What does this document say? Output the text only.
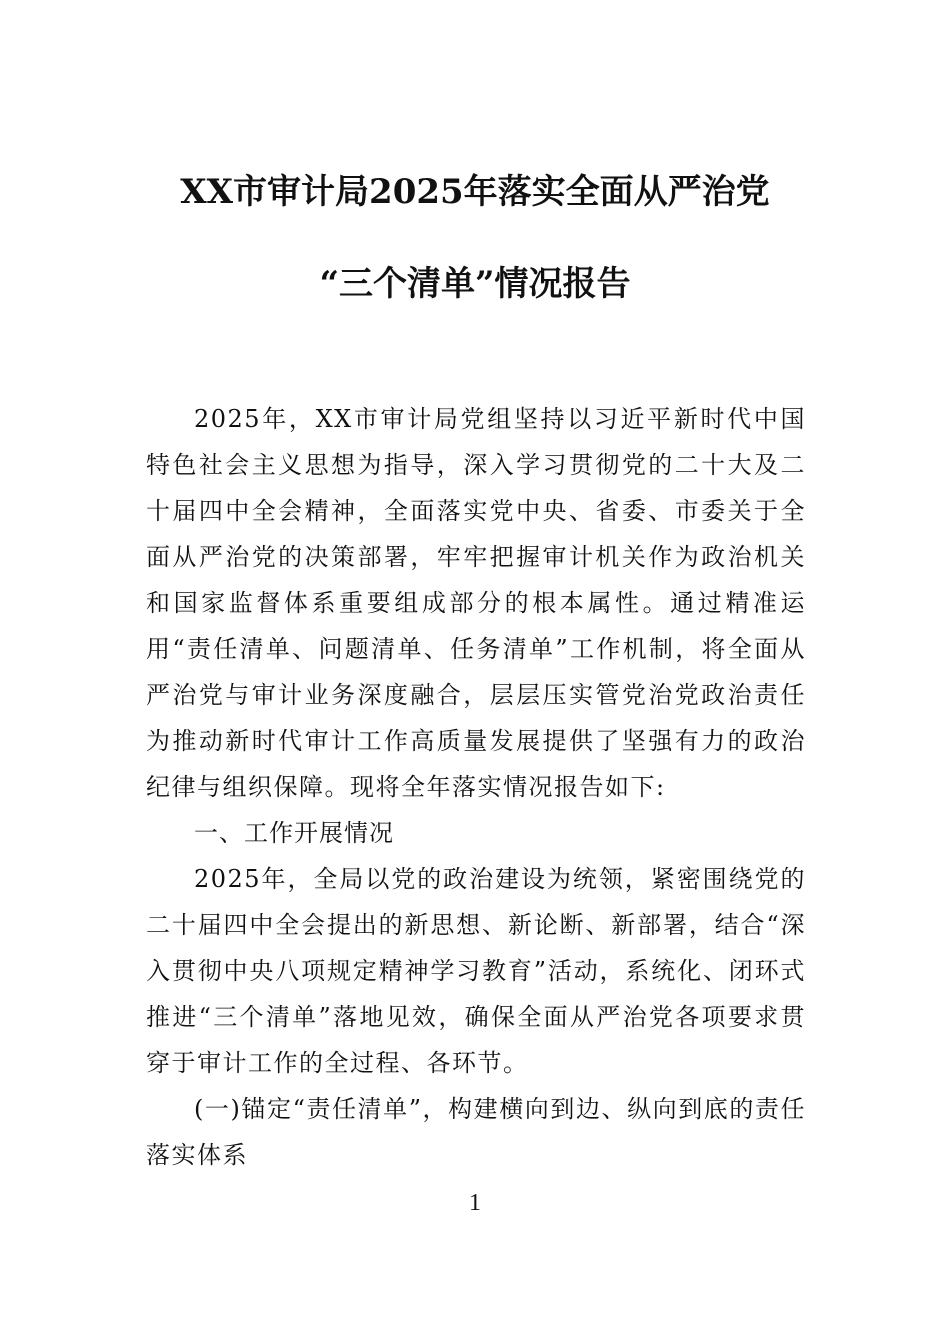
XX市审计局2025年落实全面从严治党
“三个清单”情况报告

2025年，XX市审计局党组坚持以习近平新时代中国特色社会主义思想为指导，深入学习贯彻党的二十大及二十届四中全会精神，全面落实党中央、省委、市委关于全面从严治党的决策部署，牢牢把握审计机关作为政治机关和国家监督体系重要组成部分的根本属性。通过精准运用“责任清单、问题清单、任务清单”工作机制，将全面从严治党与审计业务深度融合，层层压实管党治党政治责任为推动新时代审计工作高质量发展提供了坚强有力的政治纪律与组织保障。现将全年落实情况报告如下:

一、工作开展情况

2025年，全局以党的政治建设为统领，紧密围绕党的二十届四中全会提出的新思想、新论断、新部署，结合“深入贯彻中央八项规定精神学习教育”活动，系统化、闭环式推进“三个清单”落地见效，确保全面从严治党各项要求贯穿于审计工作的全过程、各环节。

(一)锚定“责任清单”，构建横向到边、纵向到底的责任落实体系
1
